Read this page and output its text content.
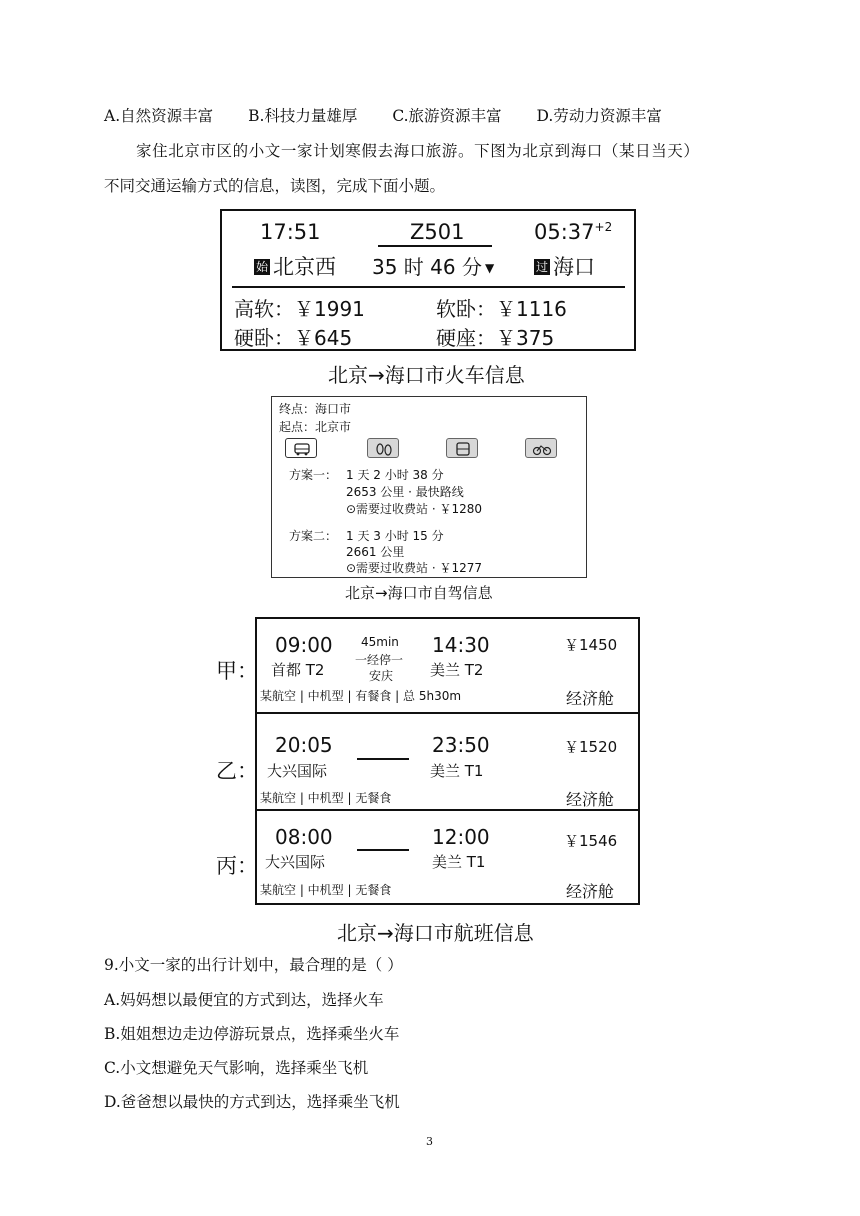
A.自然资源丰富 B.科技力量雄厚 C.旅游资源丰富 D.劳动力资源丰富
家住北京市区的小文一家计划寒假去海口旅游。下图为北京到海口（某日当天）
不同交通运输方式的信息，读图，完成下面小题。
17:51	Z501	$05:37^{+2}$
始 北京西 35 时 46 分 ▼	过 海口
高软：￥1991	软卧：￥1116
硬卧：￥645	硬座：￥375
北京→海口市火车信息
终点：海口市
起点：北京市
方案一： 1 天 2 小时 38 分
2653 公里 · 最快路线
⊙需要过收费站 · ￥1280
方案二： 1 天 3 小时 15 分
2661 公里
⊙需要过收费站 · ￥1277
北京→海口市自驾信息
甲：
09:00
首都 T2
45min
一经停一
安庆
14:30
美兰 T2
￥1450
某航空 | 中机型 | 有餐食 | 总 5h30m	经济舱
乙：
20:05
大兴国际
23:50
美兰 T1
￥1520
某航空 | 中机型 | 无餐食	经济舱
丙：
08:00
大兴国际
12:00
美兰 T1
￥1546
某航空 | 中机型 | 无餐食	经济舱
北京→海口市航班信息
9.小文一家的出行计划中，最合理的是（ ）
A.妈妈想以最便宜的方式到达，选择火车
B.姐姐想边走边停游玩景点，选择乘坐火车
C.小文想避免天气影响，选择乘坐飞机
D.爸爸想以最快的方式到达，选择乘坐飞机
3
